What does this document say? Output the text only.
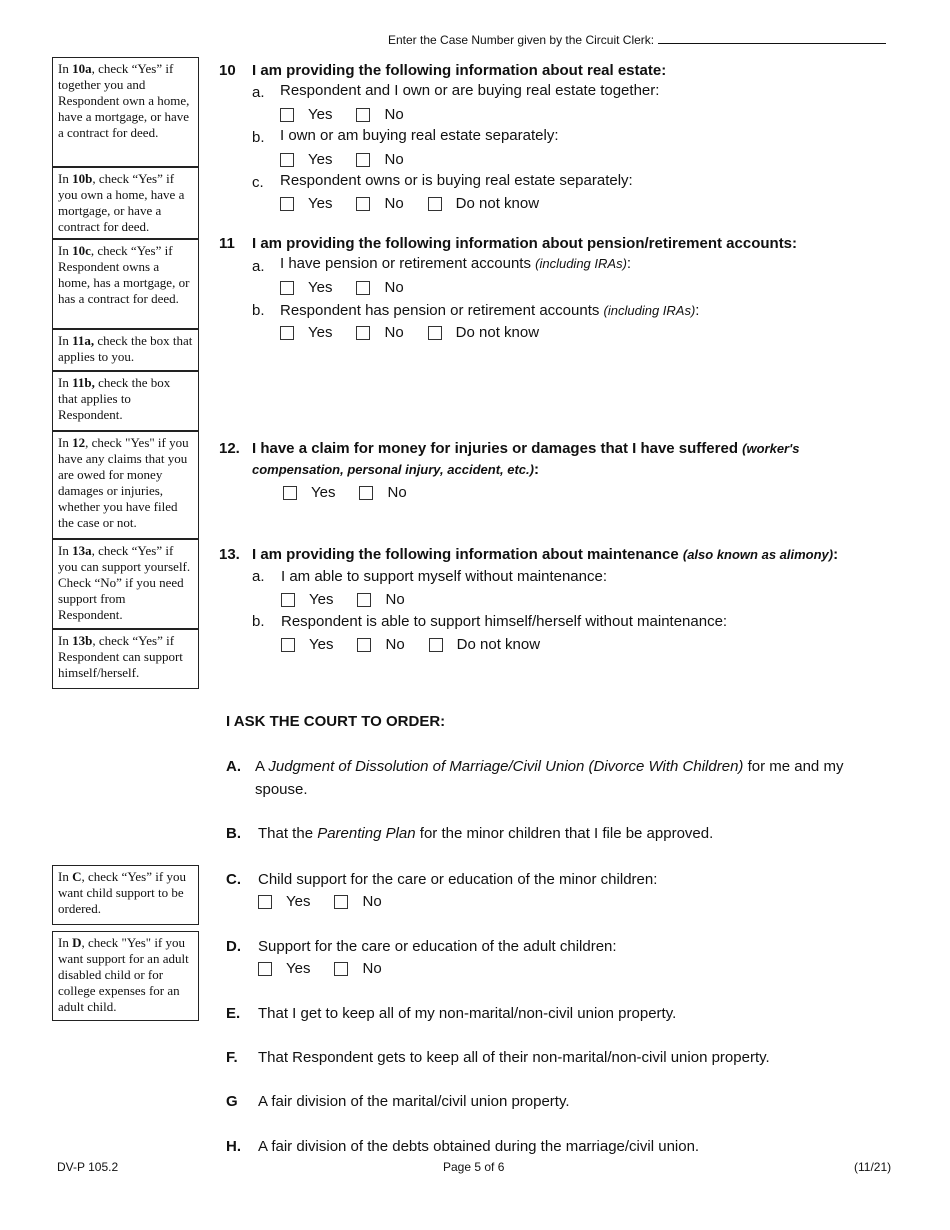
Enter the Case Number given by the Circuit Clerk:
In 10a, check “Yes” if together you and Respondent own a home, have a mortgage, or have a contract for deed.
In 10b, check “Yes” if you own a home, have a mortgage, or have a contract for deed.
In 10c, check “Yes” if Respondent owns a home, has a mortgage, or has a contract for deed.
In 11a, check the box that applies to you.
In 11b, check the box that applies to Respondent.
In 12, check "Yes" if you have any claims that you are owed for money damages or injuries, whether you have filed the case or not.
In 13a, check “Yes” if you can support yourself. Check “No” if you need support from Respondent.
In 13b, check “Yes” if Respondent can support himself/herself.
In C, check “Yes” if you want child support to be ordered.
In D, check "Yes" if you want support for an adult disabled child or for college expenses for an adult child.
10 I am providing the following information about real estate:
a. Respondent and I own or are buying real estate together:
Yes	No
b. I own or am buying real estate separately:
Yes	No
c. Respondent owns or is buying real estate separately:
Yes	No	Do not know
11 I am providing the following information about pension/retirement accounts:
a. I have pension or retirement accounts (including IRAs):
Yes	No
b. Respondent has pension or retirement accounts (including IRAs):
Yes	No	Do not know
12. I have a claim for money for injuries or damages that I have suffered (worker's
compensation, personal injury, accident, etc.):
Yes	No
13. I am providing the following information about maintenance (also known as alimony):
a. I am able to support myself without maintenance:
Yes	No
b. Respondent is able to support himself/herself without maintenance:
Yes	No	Do not know
I ASK THE COURT TO ORDER:
A. A Judgment of Dissolution of Marriage/Civil Union (Divorce With Children) for me and my spouse.
B. That the Parenting Plan for the minor children that I file be approved.
C. Child support for the care or education of the minor children:
Yes	No
D. Support for the care or education of the adult children:
Yes	No
E. That I get to keep all of my non-marital/non-civil union property.
F. That Respondent gets to keep all of their non-marital/non-civil union property.
G A fair division of the marital/civil union property.
H. A fair division of the debts obtained during the marriage/civil union.
DV-P 105.2	Page 5 of 6	(11/21)
